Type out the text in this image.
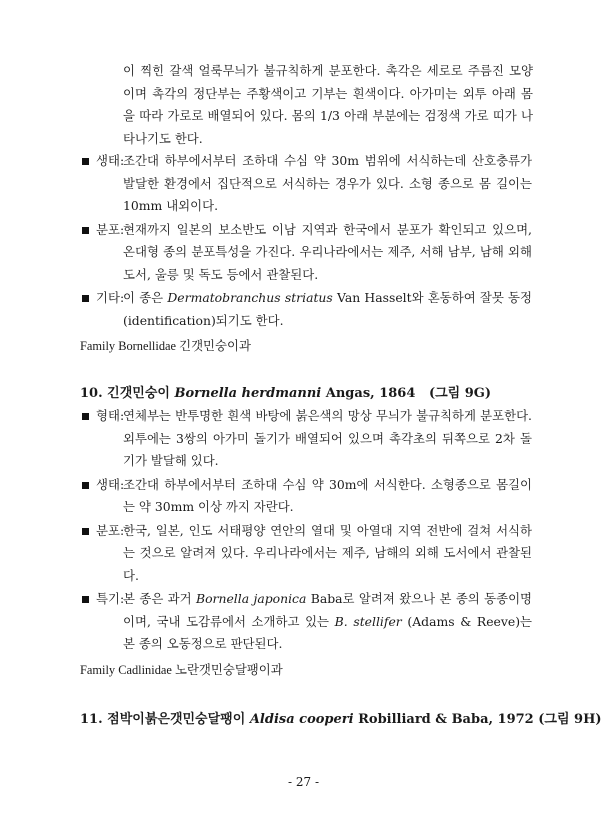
이 찍힌 갈색 얼룩무늬가 불규칙하게 분포한다. 촉각은 세로로 주름진 모양이며 촉각의 정단부는 주황색이고 기부는 흰색이다. 아가미는 외투 아래 몸을 따라 가로로 배열되어 있다. 몸의 1/3 아래 부분에는 검정색 가로 띠가 나타나기도 한다.
생태:
조간대 하부에서부터 조하대 수심 약 30m 범위에 서식하는데 산호충류가 발달한 환경에서 집단적으로 서식하는 경우가 있다. 소형 종으로 몸 길이는 10mm 내외이다.
분포:
현재까지 일본의 보소반도 이남 지역과 한국에서 분포가 확인되고 있으며, 온대형 종의 분포특성을 가진다. 우리나라에서는 제주, 서해 남부, 남해 외해도서, 울릉 및 독도 등에서 관찰된다.
기타:
이 종은 Dermatobranchus striatus Van Hasselt와 혼동하여 잘못 동정(identification)되기도 한다.
Family Bornellidae 긴갯민숭이과
10. 긴갯민숭이 Bornella herdmanni Angas, 1864 (그림 9G)
형태:
연체부는 반투명한 흰색 바탕에 붉은색의 망상 무늬가 불규칙하게 분포한다. 외투에는 3쌍의 아가미 돌기가 배열되어 있으며 촉각초의 뒤쪽으로 2차 돌기가 발달해 있다.
생태:
조간대 하부에서부터 조하대 수심 약 30m에 서식한다. 소형종으로 몸길이는 약 30mm 이상 까지 자란다.
분포:
한국, 일본, 인도 서태평양 연안의 열대 및 아열대 지역 전반에 걸쳐 서식하는 것으로 알려져 있다. 우리나라에서는 제주, 남해의 외해 도서에서 관찰된다.
특기:
본 종은 과거 Bornella japonica Baba로 알려져 왔으나 본 종의 동종이명이며, 국내 도감류에서 소개하고 있는 B. stellifer (Adams & Reeve)는 본 종의 오동정으로 판단된다.
Family Cadlinidae 노란갯민숭달팽이과
11. 점박이붉은갯민숭달팽이 Aldisa cooperi Robilliard & Baba, 1972 (그림 9H)
- 27 -
